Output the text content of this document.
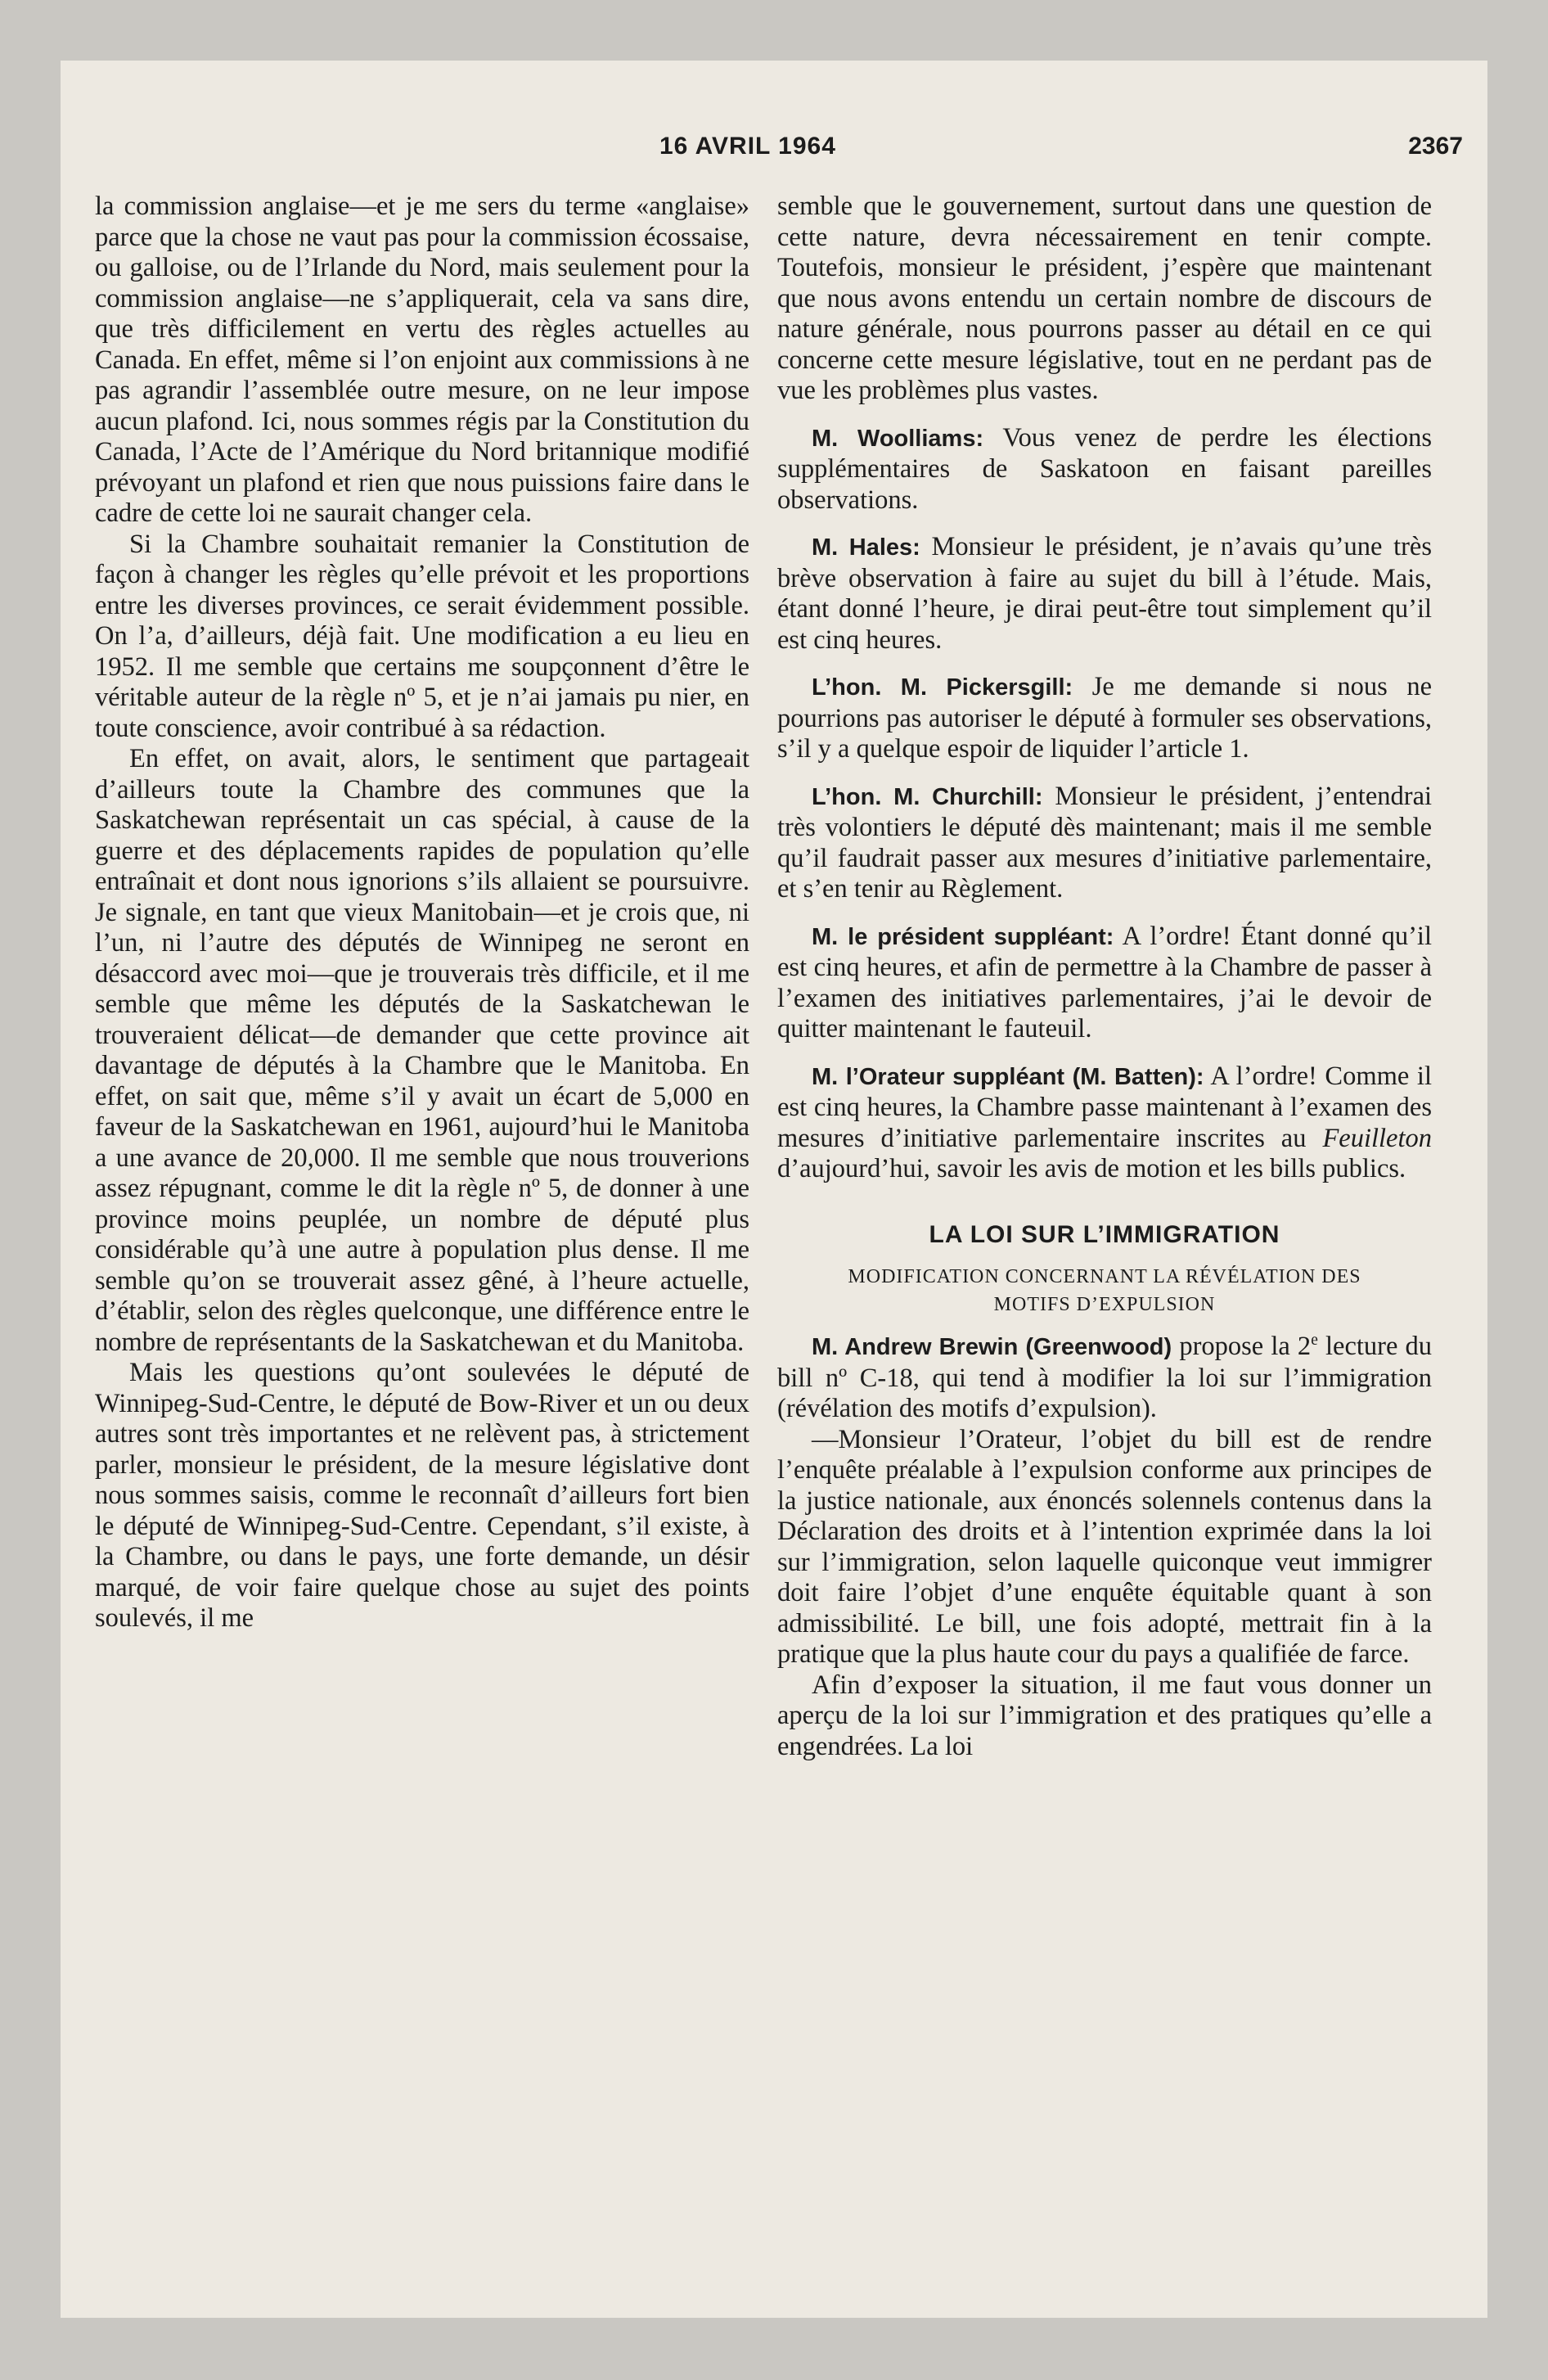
16 AVRIL 1964	2367

la commission anglaise—et je me sers du terme «anglaise» parce que la chose ne vaut pas pour la commission écossaise, ou galloise, ou de l’Irlande du Nord, mais seulement pour la commission anglaise—ne s’appliquerait, cela va sans dire, que très difficilement en vertu des règles actuelles au Canada. En effet, même si l’on enjoint aux commissions à ne pas agrandir l’assemblée outre mesure, on ne leur impose aucun plafond. Ici, nous sommes régis par la Constitution du Canada, l’Acte de l’Amérique du Nord britannique modifié prévoyant un plafond et rien que nous puissions faire dans le cadre de cette loi ne saurait changer cela.

Si la Chambre souhaitait remanier la Constitution de façon à changer les règles qu’elle prévoit et les proportions entre les diverses provinces, ce serait évidemment possible. On l’a, d’ailleurs, déjà fait. Une modification a eu lieu en 1952. Il me semble que certains me soupçonnent d’être le véritable auteur de la règle nº 5, et je n’ai jamais pu nier, en toute conscience, avoir contribué à sa rédaction.

En effet, on avait, alors, le sentiment que partageait d’ailleurs toute la Chambre des communes que la Saskatchewan représentait un cas spécial, à cause de la guerre et des déplacements rapides de population qu’elle entraînait et dont nous ignorions s’ils allaient se poursuivre. Je signale, en tant que vieux Manitobain—et je crois que, ni l’un, ni l’autre des députés de Winnipeg ne seront en désaccord avec moi—que je trouverais très difficile, et il me semble que même les députés de la Saskatchewan le trouveraient délicat—de demander que cette province ait davantage de députés à la Chambre que le Manitoba. En effet, on sait que, même s’il y avait un écart de 5,000 en faveur de la Saskatchewan en 1961, aujourd’hui le Manitoba a une avance de 20,000. Il me semble que nous trouverions assez répugnant, comme le dit la règle nº 5, de donner à une province moins peuplée, un nombre de député plus considérable qu’à une autre à population plus dense. Il me semble qu’on se trouverait assez gêné, à l’heure actuelle, d’établir, selon des règles quelconque, une différence entre le nombre de représentants de la Saskatchewan et du Manitoba.

Mais les questions qu’ont soulevées le député de Winnipeg-Sud-Centre, le député de Bow-River et un ou deux autres sont très importantes et ne relèvent pas, à strictement parler, monsieur le président, de la mesure législative dont nous sommes saisis, comme le reconnaît d’ailleurs fort bien le député de Winnipeg-Sud-Centre. Cependant, s’il existe, à la Chambre, ou dans le pays, une forte demande, un désir marqué, de voir faire quelque chose au sujet des points soulevés, il me

semble que le gouvernement, surtout dans une question de cette nature, devra nécessairement en tenir compte. Toutefois, monsieur le président, j’espère que maintenant que nous avons entendu un certain nombre de discours de nature générale, nous pourrons passer au détail en ce qui concerne cette mesure législative, tout en ne perdant pas de vue les problèmes plus vastes.

M. Woolliams: Vous venez de perdre les élections supplémentaires de Saskatoon en faisant pareilles observations.

M. Hales: Monsieur le président, je n’avais qu’une très brève observation à faire au sujet du bill à l’étude. Mais, étant donné l’heure, je dirai peut-être tout simplement qu’il est cinq heures.

L’hon. M. Pickersgill: Je me demande si nous ne pourrions pas autoriser le député à formuler ses observations, s’il y a quelque espoir de liquider l’article 1.

L’hon. M. Churchill: Monsieur le président, j’entendrai très volontiers le député dès maintenant; mais il me semble qu’il faudrait passer aux mesures d’initiative parlementaire, et s’en tenir au Règlement.

M. le président suppléant: A l’ordre! Étant donné qu’il est cinq heures, et afin de permettre à la Chambre de passer à l’examen des initiatives parlementaires, j’ai le devoir de quitter maintenant le fauteuil.

M. l’Orateur suppléant (M. Batten): A l’ordre! Comme il est cinq heures, la Chambre passe maintenant à l’examen des mesures d’initiative parlementaire inscrites au Feuilleton d’aujourd’hui, savoir les avis de motion et les bills publics.

LA LOI SUR L’IMMIGRATION
MODIFICATION CONCERNANT LA RÉVÉLATION DES
MOTIFS D’EXPULSION

M. Andrew Brewin (Greenwood) propose la 2e lecture du bill nº C-18, qui tend à modifier la loi sur l’immigration (révélation des motifs d’expulsion).

—Monsieur l’Orateur, l’objet du bill est de rendre l’enquête préalable à l’expulsion conforme aux principes de la justice nationale, aux énoncés solennels contenus dans la Déclaration des droits et à l’intention exprimée dans la loi sur l’immigration, selon laquelle quiconque veut immigrer doit faire l’objet d’une enquête équitable quant à son admissibilité. Le bill, une fois adopté, mettrait fin à la pratique que la plus haute cour du pays a qualifiée de farce.

Afin d’exposer la situation, il me faut vous donner un aperçu de la loi sur l’immigration et des pratiques qu’elle a engendrées. La loi
